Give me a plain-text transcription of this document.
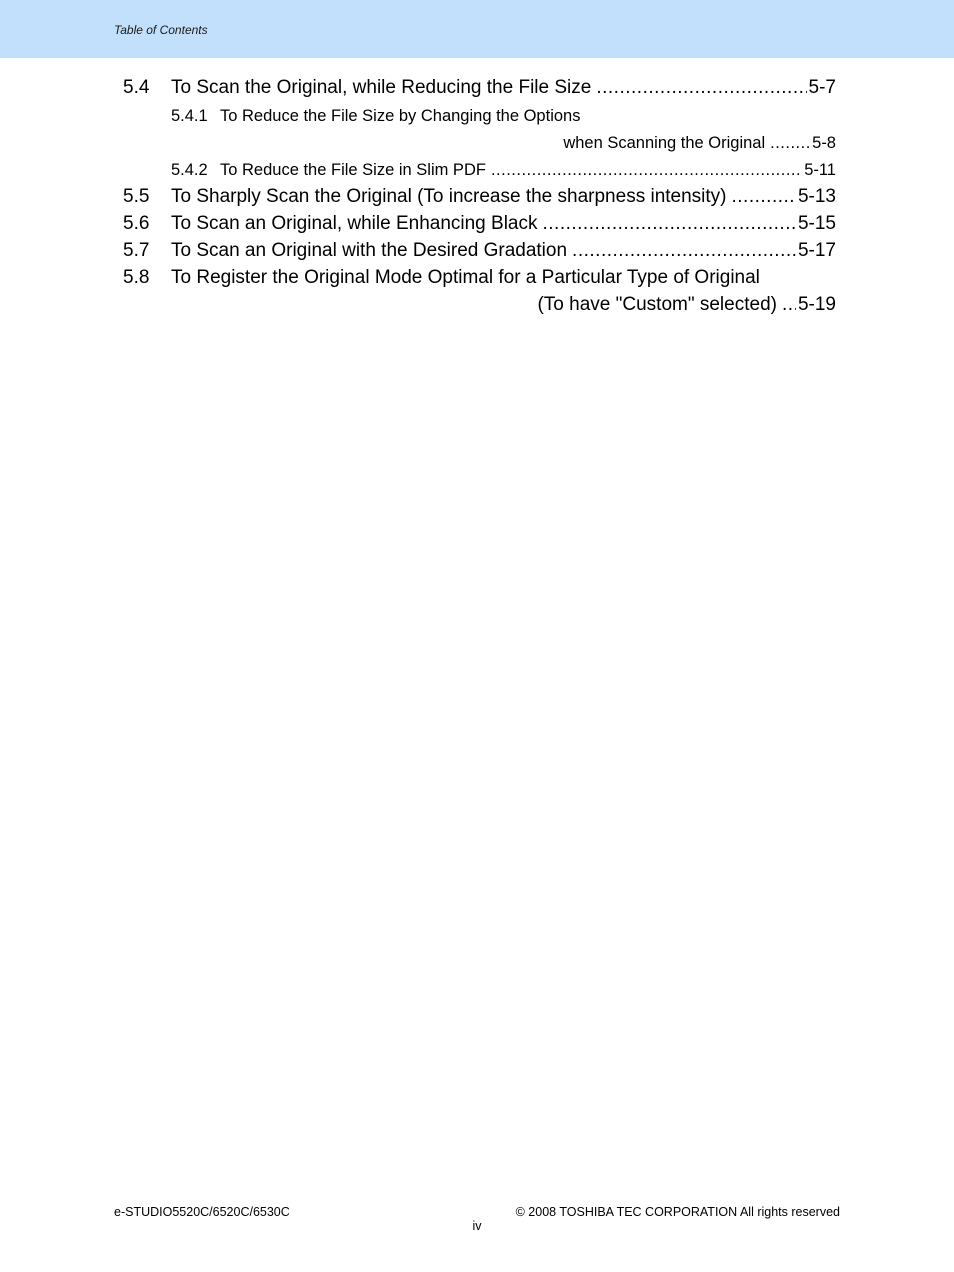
Table of Contents
5.4	To Scan the Original, while Reducing the File Size .....	5-7
5.4.1 To Reduce the File Size by Changing the Options
when Scanning the Original .....	5-8
5.4.2 To Reduce the File Size in Slim PDF .....	5-11
5.5	To Sharply Scan the Original (To increase the sharpness intensity) .....	5-13
5.6	To Scan an Original, while Enhancing Black .....	5-15
5.7	To Scan an Original with the Desired Gradation .....	5-17
5.8	To Register the Original Mode Optimal for a Particular Type of Original
(To have "Custom" selected) ..... 5-19
e-STUDIO5520C/6520C/6530C	© 2008 TOSHIBA TEC CORPORATION All rights reserved
iv
